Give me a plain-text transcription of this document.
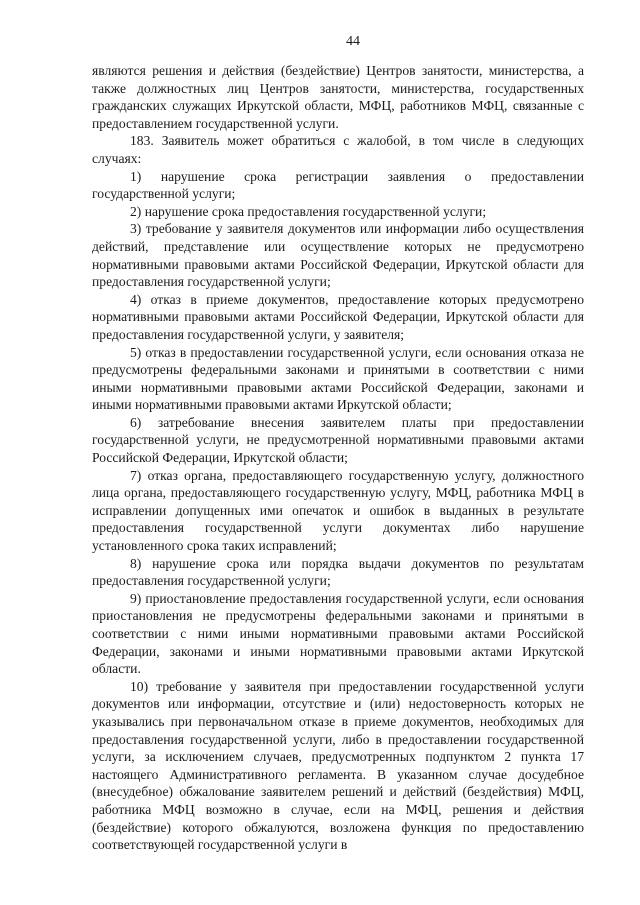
44

являются решения и действия (бездействие) Центров занятости, министерства, а также должностных лиц Центров занятости, министерства, государственных гражданских служащих Иркутской области, МФЦ, работников МФЦ, связанные с предоставлением государственной услуги.

183. Заявитель может обратиться с жалобой, в том числе в следующих случаях:

1) нарушение срока регистрации заявления о предоставлении государственной услуги;

2) нарушение срока предоставления государственной услуги;

3) требование у заявителя документов или информации либо осуществления действий, представление или осуществление которых не предусмотрено нормативными правовыми актами Российской Федерации, Иркутской области для предоставления государственной услуги;

4) отказ в приеме документов, предоставление которых предусмотрено нормативными правовыми актами Российской Федерации, Иркутской области для предоставления государственной услуги, у заявителя;

5) отказ в предоставлении государственной услуги, если основания отказа не предусмотрены федеральными законами и принятыми в соответствии с ними иными нормативными правовыми актами Российской Федерации, законами и иными нормативными правовыми актами Иркутской области;

6) затребование внесения заявителем платы при предоставлении государственной услуги, не предусмотренной нормативными правовыми актами Российской Федерации, Иркутской области;

7) отказ органа, предоставляющего государственную услугу, должностного лица органа, предоставляющего государственную услугу, МФЦ, работника МФЦ в исправлении допущенных ими опечаток и ошибок в выданных в результате предоставления государственной услуги документах либо нарушение установленного срока таких исправлений;

8) нарушение срока или порядка выдачи документов по результатам предоставления государственной услуги;

9) приостановление предоставления государственной услуги, если основания приостановления не предусмотрены федеральными законами и принятыми в соответствии с ними иными нормативными правовыми актами Российской Федерации, законами и иными нормативными правовыми актами Иркутской области.

10) требование у заявителя при предоставлении государственной услуги документов или информации, отсутствие и (или) недостоверность которых не указывались при первоначальном отказе в приеме документов, необходимых для предоставления государственной услуги, либо в предоставлении государственной услуги, за исключением случаев, предусмотренных подпунктом 2 пункта 17 настоящего Административного регламента. В указанном случае досудебное (внесудебное) обжалование заявителем решений и действий (бездействия) МФЦ, работника МФЦ возможно в случае, если на МФЦ, решения и действия (бездействие) которого обжалуются, возложена функция по предоставлению соответствующей государственной услуги в
